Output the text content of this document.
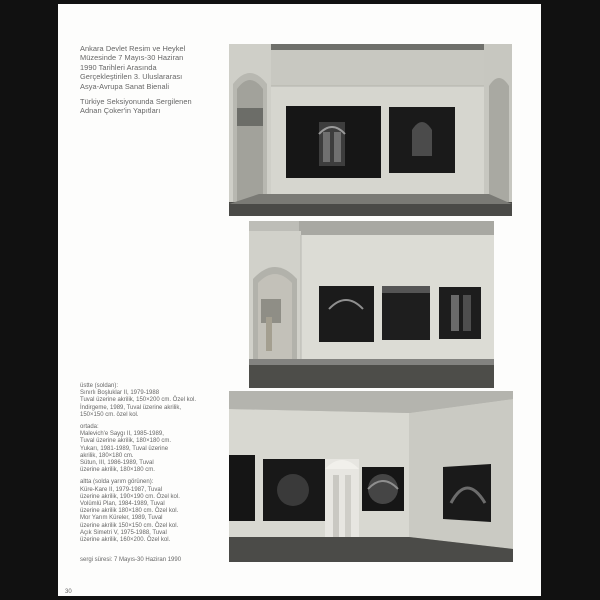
Ankara Devlet Resim ve Heykel
Müzesinde 7 Mayıs-30 Haziran
1990 Tarihleri Arasında
Gerçekleştirilen 3. Uluslararası
Asya-Avrupa Sanat Bienali

Türkiye Seksiyonunda Sergilenen
Adnan Çoker'in Yapıtları

üstte (soldan):
Sınırlı Boşluklar II, 1979-1988
Tuval üzerine akrilik, 150×200 cm. Özel kol.
İndirgeme, 1989, Tuval üzerine akrilik,
150×150 cm. özel kol.
ortada:
Malevich'e Saygı II, 1985-1989,
Tuval üzerine akrilik, 180×180 cm.
Yukarı, 1981-1989, Tuval üzerine
akrilik, 180×180 cm.
Sütun, III, 1986-1989, Tuval
üzerine akrilik, 180×180 cm.
altta (solda yarım görünen):
Küre-Kare II, 1979-1987, Tuval
üzerine akrilik, 190×190 cm. Özel kol.
Volümlü Plan, 1984-1989, Tuval
üzerine akrilik 180×180 cm. Özel kol.
Mor Yarım Küreler, 1989, Tuval
üzerine akrilik 150×150 cm. Özel kol.
Açık Simetri V, 1975-1988, Tuval
üzerine akrilik, 160×200. Özel kol.
sergi süresi: 7 Mayıs-30 Haziran 1990
30
